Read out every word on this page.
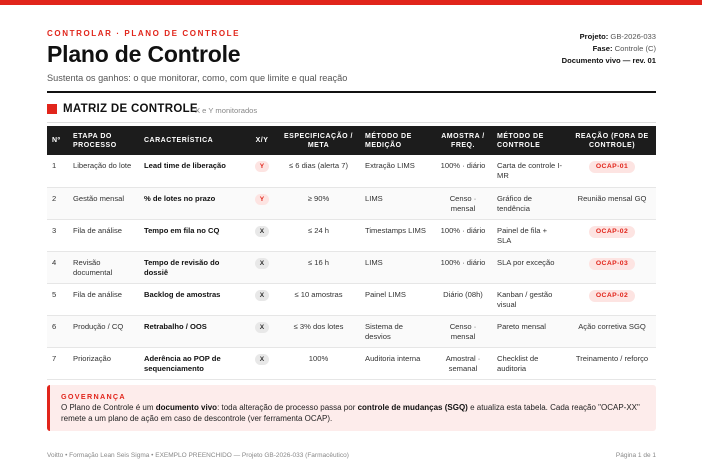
CONTROLAR · PLANO DE CONTROLE
Plano de Controle
Sustenta os ganhos: o que monitorar, como, com que limite e qual reação
Projeto: GB-2026-033
Fase: Controle (C)
Documento vivo — rev. 01
MATRIZ DE CONTROLE
X e Y monitorados
Nº	ETAPA DO PROCESSO	CARACTERÍSTICA	X/Y	ESPECIFICAÇÃO / META	MÉTODO DE MEDIÇÃO	AMOSTRA / FREQ.	MÉTODO DE CONTROLE	REAÇÃO (FORA DE CONTROLE)
1	Liberação do lote	Lead time de liberação	Y	≤ 6 dias (alerta 7)	Extração LIMS	100% · diário	Carta de controle I-MR	OCAP-01
2	Gestão mensal	% de lotes no prazo	Y	≥ 90%	LIMS	Censo · mensal	Gráfico de tendência	Reunião mensal GQ
3	Fila de análise	Tempo em fila no CQ	X	≤ 24 h	Timestamps LIMS	100% · diário	Painel de fila + SLA	OCAP-02
4	Revisão documental	Tempo de revisão do dossiê	X	≤ 16 h	LIMS	100% · diário	SLA por exceção	OCAP-03
5	Fila de análise	Backlog de amostras	X	≤ 10 amostras	Painel LIMS	Diário (08h)	Kanban / gestão visual	OCAP-02
6	Produção / CQ	Retrabalho / OOS	X	≤ 3% dos lotes	Sistema de desvios	Censo · mensal	Pareto mensal	Ação corretiva SGQ
7	Priorização	Aderência ao POP de sequenciamento	X	100%	Auditoria interna	Amostral · semanal	Checklist de auditoria	Treinamento / reforço
GOVERNANÇA
O Plano de Controle é um documento vivo: toda alteração de processo passa por controle de mudanças (SGQ) e atualiza esta tabela. Cada reação "OCAP-XX" remete a um plano de ação em caso de descontrole (ver ferramenta OCAP).
Voitto • Formação Lean Seis Sigma • EXEMPLO PREENCHIDO — Projeto GB-2026-033 (Farmacêutico)	Página 1 de 1
